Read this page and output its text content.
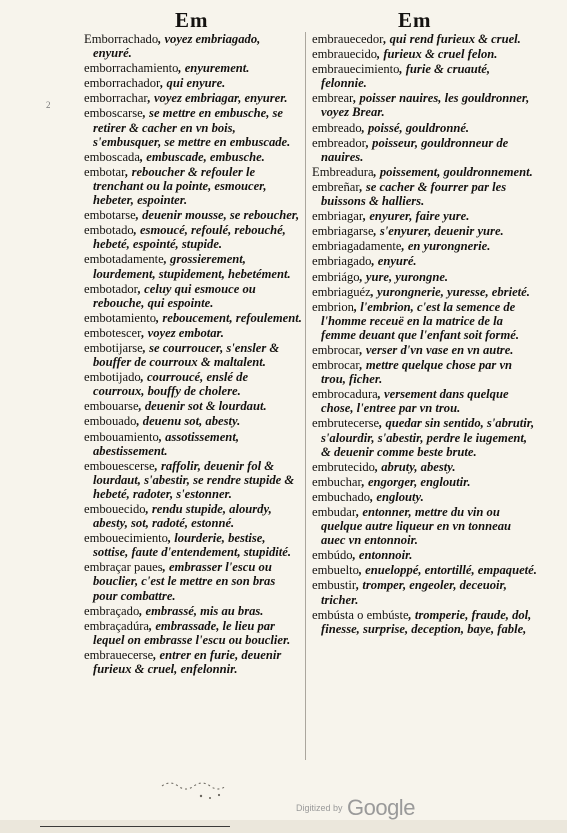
Em	Em
2

Emborrachado, voyez embriagado, enyuré.

emborrachamiento, enyurement.

emborrachador, qui enyure.

emborrachar, voyez embriagar, enyurer.

emboscarse, se mettre en embusche, se retirer & cacher en vn bois, s'embusquer, se mettre en embuscade.

emboscada, embuscade, embusche.

embotar, reboucher & refouler le trenchant ou la pointe, esmoucer, hebeter, espointer.

embotarse, deuenir mousse, se reboucher,

embotado, esmoucé, refoulé, rebouché, hebeté, espointé, stupide.

embotadamente, grossierement, lourdement, stupidement, hebetément.

embotador, celuy qui esmouce ou rebouche, qui espointe.

embotamiento, reboucement, refoulement.

embotescer, voyez embotar.

embotijarse, se courroucer, s'ensler & bouffer de courroux & maltalent.

embotijado, courroucé, enslé de courroux, bouffy de cholere.

embouarse, deuenir sot & lourdaut.

embouado, deuenu sot, abesty.

embouamiento, assotissement, abestissement.

embouescerse, raffolir, deuenir fol & lourdaut, s'abestir, se rendre stupide & hebeté, radoter, s'estonner.

embouecido, rendu stupide, alourdy, abesty, sot, radoté, estonné.

embouecimiento, lourderie, bestise, sottise, faute d'entendement, stupidité.

embraçar paues, embrasser l'escu ou bouclier, c'est le mettre en son bras pour combattre.

embraçado, embrassé, mis au bras.

embraçadúra, embrassade, le lieu par lequel on embrasse l'escu ou bouclier.

embrauecerse, entrer en furie, deuenir furieux & cruel, enfelonnir.

embrauecedor, qui rend furieux & cruel.

embrauecido, furieux & cruel felon.

embrauecimiento, furie & cruauté, felonnie.

embrear, poisser nauires, les gouldronner, voyez Brear.

embreado, poissé, gouldronné.

embreador, poisseur, gouldronneur de nauires.

Embreadura, poissement, gouldronnement.

embreñar, se cacher & fourrer par les buissons & halliers.

embriagar, enyurer, faire yure.

embriagarse, s'enyurer, deuenir yure.

embriagadamente, en yurongnerie.

embriagado, enyuré.

embriágo, yure, yurongne.

embriaguéz, yurongnerie, yuresse, ebrieté.

embrion, l'embrion, c'est la semence de l'homme receuë en la matrice de la femme deuant que l'enfant soit formé.

embrocar, verser d'vn vase en vn autre.

embrocar, mettre quelque chose par vn trou, ficher.

embrocadura, versement dans quelque chose, l'entree par vn trou.

embrutecerse, quedar sin sentido, s'abrutir, s'alourdir, s'abestir, perdre le iugement, & deuenir comme beste brute.

embrutecido, abruty, abesty.

embuchar, engorger, engloutir.

embuchado, englouty.

embudar, entonner, mettre du vin ou quelque autre liqueur en vn tonneau auec vn entonnoir.

embúdo, entonnoir.

embuelto, enueloppé, entortillé, empaqueté.

embustir, tromper, engeoler, deceuoir, tricher.

embústa o embúste, tromperie, fraude, dol, finesse, surprise, deception, baye, fable,

Digitized by Google
